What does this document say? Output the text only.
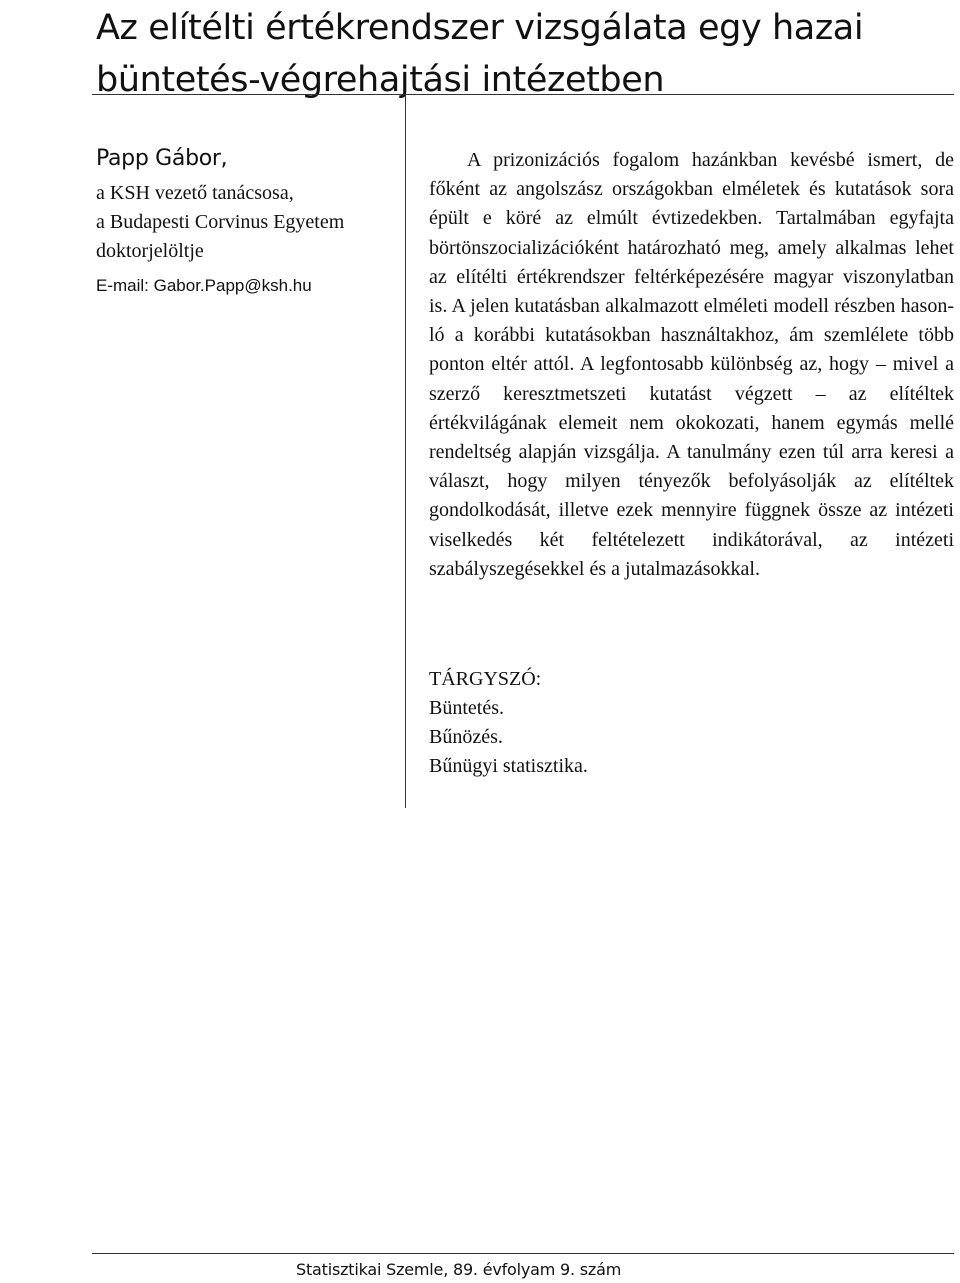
Az elítélti értékrendszer vizsgálata egy hazai
büntetés-végrehajtási intézetben

Papp Gábor,

a KSH vezető tanácsosa,

a Budapesti Corvinus Egyetem

doktorjelöltje

E-mail: Gabor.Papp@ksh.hu

A prizonizációs fogalom hazánkban kevésbé ismert, de főként az angolszász országokban elméletek és kutatások sora épült e köré az elmúlt évtizedekben. Tartalmában egyfajta börtönszocializációként határozható meg, amely alkalmas lehet az elítélti értékrendszer feltérképezésére magyar viszonylatban is. A jelen kutatásban alkalmazott elméleti modell részben hasonló a korábbi kutatásokban használtakhoz, ám szemlélete több ponton eltér attól. A legfontosabb különbség az, hogy – mivel a szerző keresztmetszeti kutatást végzett – az elítéltek értékvilágának elemeit nem okokozati, hanem egymás mellé rendeltség alapján vizsgálja. A tanulmány ezen túl arra keresi a választ, hogy milyen tényezők befolyásolják az elítéltek gondolkodását, illetve ezek mennyire függnek össze az intézeti viselkedés két feltételezett indikátorával, az intézeti szabályszegésekkel és a jutalmazásokkal.

TÁRGYSZÓ:

Büntetés.

Bűnözés.

Bűnügyi statisztika.

Statisztikai Szemle, 89. évfolyam 9. szám
